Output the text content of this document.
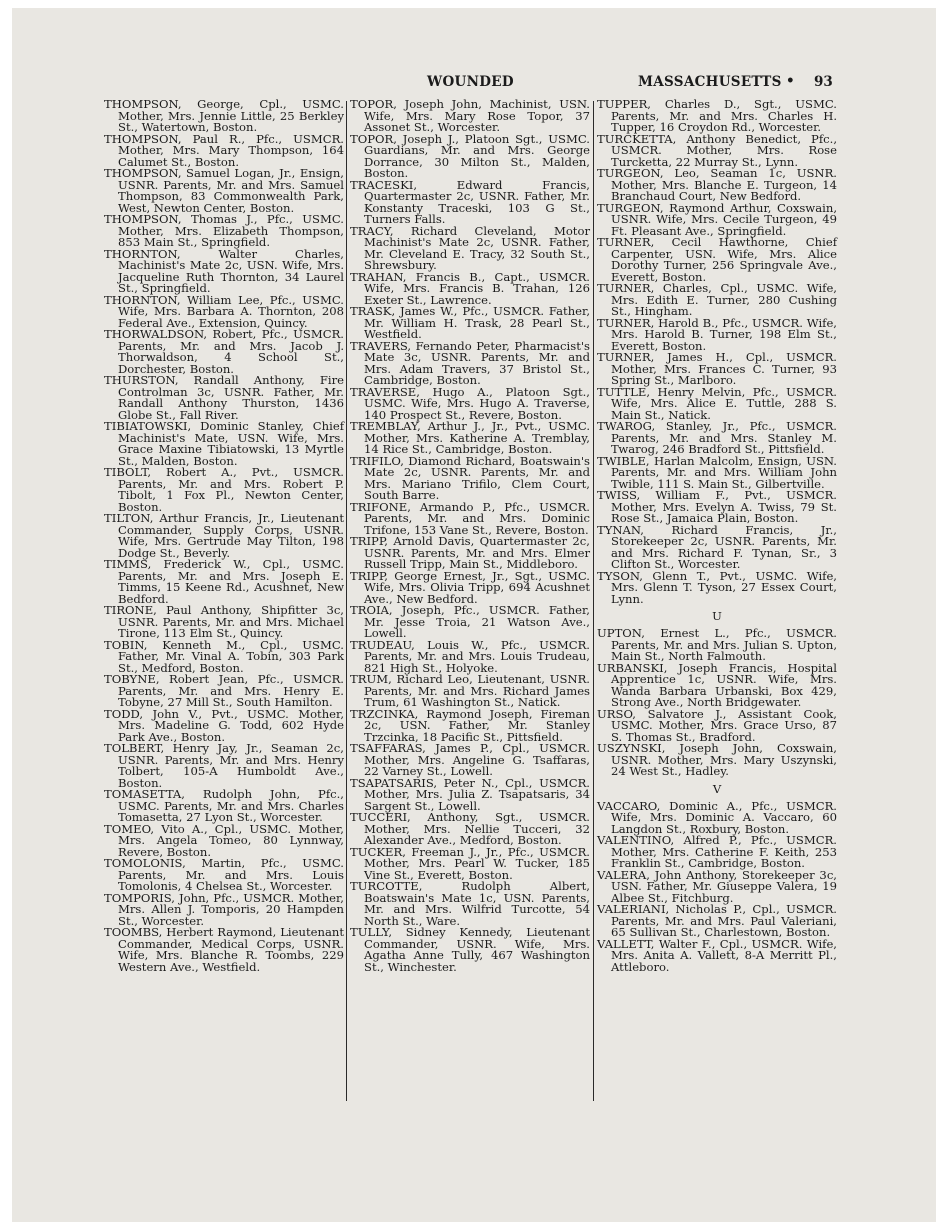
WOUNDED	MASSACHUSETTS • 93

THOMPSON, George, Cpl., USMC. Mother, Mrs. Jennie Little, 25 Berkley St., Watertown, Boston.

THOMPSON, Paul R., Pfc., USMCR. Mother, Mrs. Mary Thompson, 164 Calumet St., Boston.

THOMPSON, Samuel Logan, Jr., Ensign, USNR. Parents, Mr. and Mrs. Samuel Thompson, 83 Commonwealth Park, West, Newton Center, Boston.

THOMPSON, Thomas J., Pfc., USMC. Mother, Mrs. Elizabeth Thompson, 853 Main St., Springfield.

THORNTON, Walter Charles, Machinist's Mate 2c, USN. Wife, Mrs. Jacqueline Ruth Thornton, 34 Laurel St., Springfield.

THORNTON, William Lee, Pfc., USMC. Wife, Mrs. Barbara A. Thornton, 208 Federal Ave., Extension, Quincy.

THORWALDSON, Robert, Pfc., USMCR. Parents, Mr. and Mrs. Jacob J. Thorwaldson, 4 School St., Dorchester, Boston.

THURSTON, Randall Anthony, Fire Controlman 3c, USNR. Father, Mr. Randall Anthony Thurston, 1436 Globe St., Fall River.

TIBIATOWSKI, Dominic Stanley, Chief Machinist's Mate, USN. Wife, Mrs. Grace Maxine Tibiatowski, 13 Myrtle St., Malden, Boston.

TIBOLT, Robert A., Pvt., USMCR. Parents, Mr. and Mrs. Robert P. Tibolt, 1 Fox Pl., Newton Center, Boston.

TILTON, Arthur Francis, Jr., Lieutenant Commander, Supply Corps, USNR. Wife, Mrs. Gertrude May Tilton, 198 Dodge St., Beverly.

TIMMS, Frederick W., Cpl., USMC. Parents, Mr. and Mrs. Joseph E. Timms, 15 Keene Rd., Acushnet, New Bedford.

TIRONE, Paul Anthony, Shipfitter 3c, USNR. Parents, Mr. and Mrs. Michael Tirone, 113 Elm St., Quincy.

TOBIN, Kenneth M., Cpl., USMC. Father, Mr. Vinal A. Tobin, 303 Park St., Medford, Boston.

TOBYNE, Robert Jean, Pfc., USMCR. Parents, Mr. and Mrs. Henry E. Tobyne, 27 Mill St., South Hamilton.

TODD, John V., Pvt., USMC. Mother, Mrs. Madeline G. Todd, 602 Hyde Park Ave., Boston.

TOLBERT, Henry Jay, Jr., Seaman 2c, USNR. Parents, Mr. and Mrs. Henry Tolbert, 105-A Humboldt Ave., Boston.

TOMASETTA, Rudolph John, Pfc., USMC. Parents, Mr. and Mrs. Charles Tomasetta, 27 Lyon St., Worcester.

TOMEO, Vito A., Cpl., USMC. Mother, Mrs. Angela Tomeo, 80 Lynnway, Revere, Boston.

TOMOLONIS, Martin, Pfc., USMC. Parents, Mr. and Mrs. Louis Tomolonis, 4 Chelsea St., Worcester.

TOMPORIS, John, Pfc., USMCR. Mother, Mrs. Allen J. Tomporis, 20 Hampden St., Worcester.

TOOMBS, Herbert Raymond, Lieutenant Commander, Medical Corps, USNR. Wife, Mrs. Blanche R. Toombs, 229 Western Ave., Westfield.

TOPOR, Joseph John, Machinist, USN. Wife, Mrs. Mary Rose Topor, 37 Assonet St., Worcester.

TOPOR, Joseph J., Platoon Sgt., USMC. Guardians, Mr. and Mrs. George Dorrance, 30 Milton St., Malden, Boston.

TRACESKI, Edward Francis, Quartermaster 2c, USNR. Father, Mr. Konstanty Traceski, 103 G St., Turners Falls.

TRACY, Richard Cleveland, Motor Machinist's Mate 2c, USNR. Father, Mr. Cleveland E. Tracy, 32 South St., Shrewsbury.

TRAHAN, Francis B., Capt., USMCR. Wife, Mrs. Francis B. Trahan, 126 Exeter St., Lawrence.

TRASK, James W., Pfc., USMCR. Father, Mr. William H. Trask, 28 Pearl St., Westfield.

TRAVERS, Fernando Peter, Pharmacist's Mate 3c, USNR. Parents, Mr. and Mrs. Adam Travers, 37 Bristol St., Cambridge, Boston.

TRAVERSE, Hugo A., Platoon Sgt., USMC. Wife, Mrs. Hugo A. Traverse, 140 Prospect St., Revere, Boston.

TREMBLAY, Arthur J., Jr., Pvt., USMC. Mother, Mrs. Katherine A. Tremblay, 14 Rice St., Cambridge, Boston.

TRIFILO, Diamond Richard, Boatswain's Mate 2c, USNR. Parents, Mr. and Mrs. Mariano Trifilo, Clem Court, South Barre.

TRIFONE, Armando P., Pfc., USMCR. Parents, Mr. and Mrs. Dominic Trifone, 153 Vane St., Revere, Boston.

TRIPP, Arnold Davis, Quartermaster 2c, USNR. Parents, Mr. and Mrs. Elmer Russell Tripp, Main St., Middleboro.

TRIPP, George Ernest, Jr., Sgt., USMC. Wife, Mrs. Olivia Tripp, 694 Acushnet Ave., New Bedford.

TROIA, Joseph, Pfc., USMCR. Father, Mr. Jesse Troia, 21 Watson Ave., Lowell.

TRUDEAU, Louis W., Pfc., USMCR. Parents, Mr. and Mrs. Louis Trudeau, 821 High St., Holyoke.

TRUM, Richard Leo, Lieutenant, USNR. Parents, Mr. and Mrs. Richard James Trum, 61 Washington St., Natick.

TRZCINKA, Raymond Joseph, Fireman 2c, USN. Father, Mr. Stanley Trzcinka, 18 Pacific St., Pittsfield.

TSAFFARAS, James P., Cpl., USMCR. Mother, Mrs. Angeline G. Tsaffaras, 22 Varney St., Lowell.

TSAPATSARIS, Peter N., Cpl., USMCR. Mother, Mrs. Julia Z. Tsapatsaris, 34 Sargent St., Lowell.

TUCCERI, Anthony, Sgt., USMCR. Mother, Mrs. Nellie Tucceri, 32 Alexander Ave., Medford, Boston.

TUCKER, Freeman J., Jr., Pfc., USMCR. Mother, Mrs. Pearl W. Tucker, 185 Vine St., Everett, Boston.

TURCOTTE, Rudolph Albert, Boatswain's Mate 1c, USN. Parents, Mr. and Mrs. Wilfrid Turcotte, 54 North St., Ware.

TULLY, Sidney Kennedy, Lieutenant Commander, USNR. Wife, Mrs. Agatha Anne Tully, 467 Washington St., Winchester.

TUPPER, Charles D., Sgt., USMC. Parents, Mr. and Mrs. Charles H. Tupper, 16 Croydon Rd., Worcester.

TURCKETTA, Anthony Benedict, Pfc., USMCR. Mother, Mrs. Rose Turcketta, 22 Murray St., Lynn.

TURGEON, Leo, Seaman 1c, USNR. Mother, Mrs. Blanche E. Turgeon, 14 Branchaud Court, New Bedford.

TURGEON, Raymond Arthur, Coxswain, USNR. Wife, Mrs. Cecile Turgeon, 49 Ft. Pleasant Ave., Springfield.

TURNER, Cecil Hawthorne, Chief Carpenter, USN. Wife, Mrs. Alice Dorothy Turner, 256 Springvale Ave., Everett, Boston.

TURNER, Charles, Cpl., USMC. Wife, Mrs. Edith E. Turner, 280 Cushing St., Hingham.

TURNER, Harold B., Pfc., USMCR. Wife, Mrs. Harold B. Turner, 198 Elm St., Everett, Boston.

TURNER, James H., Cpl., USMCR. Mother, Mrs. Frances C. Turner, 93 Spring St., Marlboro.

TUTTLE, Henry Melvin, Pfc., USMCR. Wife, Mrs. Alice E. Tuttle, 288 S. Main St., Natick.

TWAROG, Stanley, Jr., Pfc., USMCR. Parents, Mr. and Mrs. Stanley M. Twarog, 246 Bradford St., Pittsfield.

TWIBLE, Harlan Malcolm, Ensign, USN. Parents, Mr. and Mrs. William John Twible, 111 S. Main St., Gilbertville.

TWISS, William F., Pvt., USMCR. Mother, Mrs. Evelyn A. Twiss, 79 St. Rose St., Jamaica Plain, Boston.

TYNAN, Richard Francis, Jr., Storekeeper 2c, USNR. Parents, Mr. and Mrs. Richard F. Tynan, Sr., 3 Clifton St., Worcester.

TYSON, Glenn T., Pvt., USMC. Wife, Mrs. Glenn T. Tyson, 27 Essex Court, Lynn.

U

UPTON, Ernest L., Pfc., USMCR. Parents, Mr. and Mrs. Julian S. Upton, Main St., North Falmouth.

URBANSKI, Joseph Francis, Hospital Apprentice 1c, USNR. Wife, Mrs. Wanda Barbara Urbanski, Box 429, Strong Ave., North Bridgewater.

URSO, Salvatore J., Assistant Cook, USMC. Mother, Mrs. Grace Urso, 87 S. Thomas St., Bradford.

USZYNSKI, Joseph John, Coxswain, USNR. Mother, Mrs. Mary Uszynski, 24 West St., Hadley.

V

VACCARO, Dominic A., Pfc., USMCR. Wife, Mrs. Dominic A. Vaccaro, 60 Langdon St., Roxbury, Boston.

VALENTINO, Alfred P., Pfc., USMCR. Mother, Mrs. Catherine F. Keith, 253 Franklin St., Cambridge, Boston.

VALERA, John Anthony, Storekeeper 3c, USN. Father, Mr. Giuseppe Valera, 19 Albee St., Fitchburg.

VALERIANI, Nicholas P., Cpl., USMCR. Parents, Mr. and Mrs. Paul Valeriani, 65 Sullivan St., Charlestown, Boston.

VALLETT, Walter F., Cpl., USMCR. Wife, Mrs. Anita A. Vallett, 8-A Merritt Pl., Attleboro.
